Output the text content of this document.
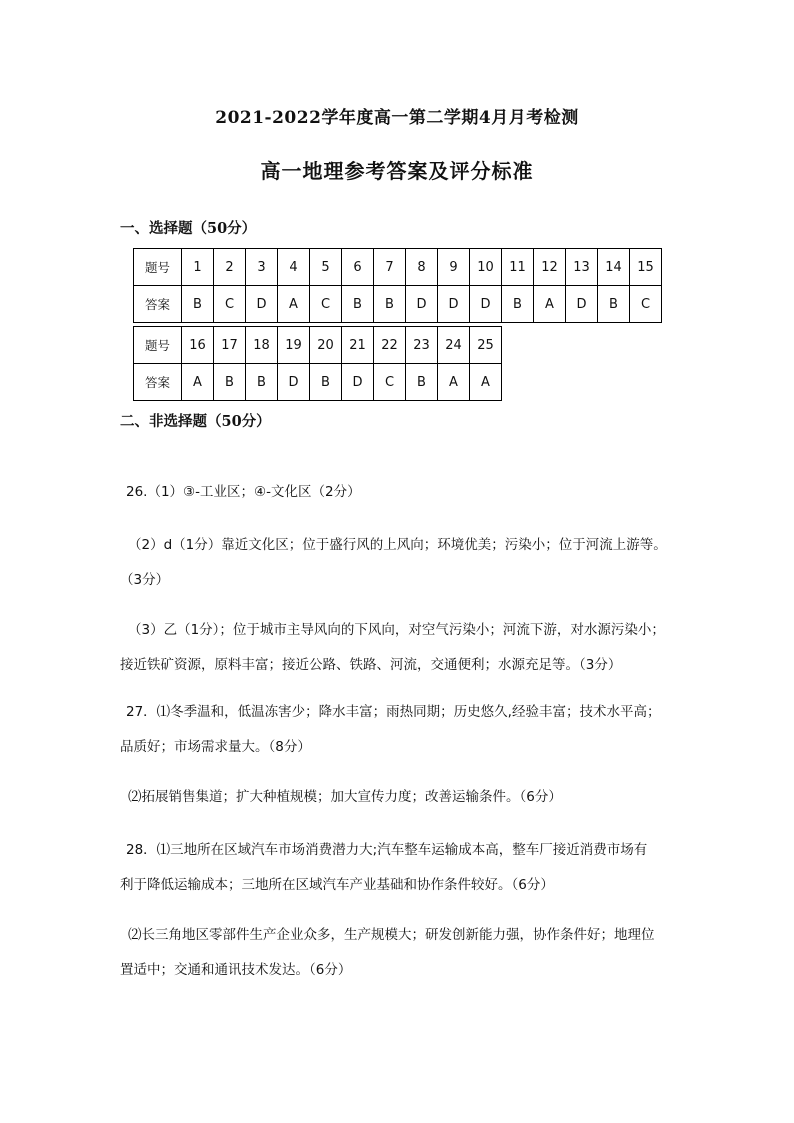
2021-2022学年度高一第二学期4月月考检测
高一地理参考答案及评分标准
一、选择题（50分）
题号	1	2	3	4	5	6	7	8	9	10	11	12	13	14	15
答案	B	C	D	A	C	B	B	D	D	D	B	A	D	B	C
题号	16	17	18	19	20	21	22	23	24	25
答案	A	B	B	D	B	D	C	B	A	A
二、非选择题（50分）
26.（1）③-工业区；④-文化区（2分）
（2）d（1分）靠近文化区；位于盛行风的上风向；环境优美；污染小；位于河流上游等。
（3分）
（3）乙（1分）；位于城市主导风向的下风向，对空气污染小；河流下游，对水源污染小；
接近铁矿资源，原料丰富；接近公路、铁路、河流，交通便利；水源充足等。（3分）
27．⑴冬季温和，低温冻害少；降水丰富；雨热同期；历史悠久,经验丰富；技术水平高；
品质好；市场需求量大。（8分）
⑵拓展销售集道；扩大种植规模；加大宣传力度；改善运输条件。（6分）
28．⑴三地所在区域汽车市场消费潜力大;汽车整车运输成本高，整车厂接近消费市场有
利于降低运输成本；三地所在区域汽车产业基础和协作条件较好。（6分）
⑵长三角地区零部件生产企业众多，生产规模大；研发创新能力强，协作条件好；地理位
置适中；交通和通讯技术发达。（6分）
